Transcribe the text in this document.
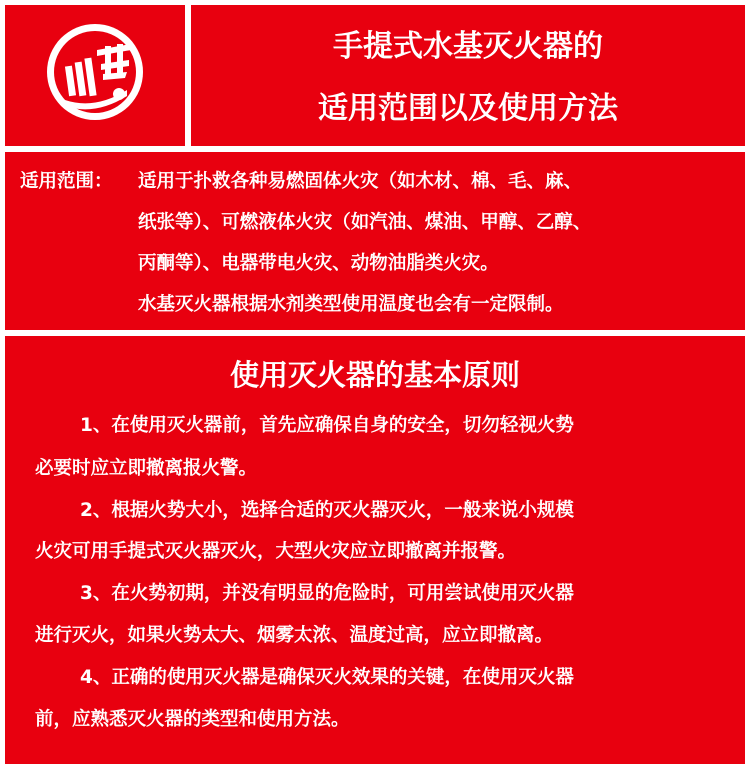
手提式水基灭火器的
适用范围以及使用方法
适用范围： 适用于扑救各种易燃固体火灾（如木材、棉、毛、麻、
纸张等）、可燃液体火灾（如汽油、煤油、甲醇、乙醇、
丙酮等）、电器带电火灾、动物油脂类火灾。
水基灭火器根据水剂类型使用温度也会有一定限制。
使用灭火器的基本原则
1、在使用灭火器前，首先应确保自身的安全，切勿轻视火势
必要时应立即撤离报火警。
2、根据火势大小，选择合适的灭火器灭火，一般来说小规模
火灾可用手提式灭火器灭火，大型火灾应立即撤离并报警。
3、在火势初期，并没有明显的危险时，可用尝试使用灭火器
进行灭火，如果火势太大、烟雾太浓、温度过高，应立即撤离。
4、正确的使用灭火器是确保灭火效果的关键，在使用灭火器
前，应熟悉灭火器的类型和使用方法。
